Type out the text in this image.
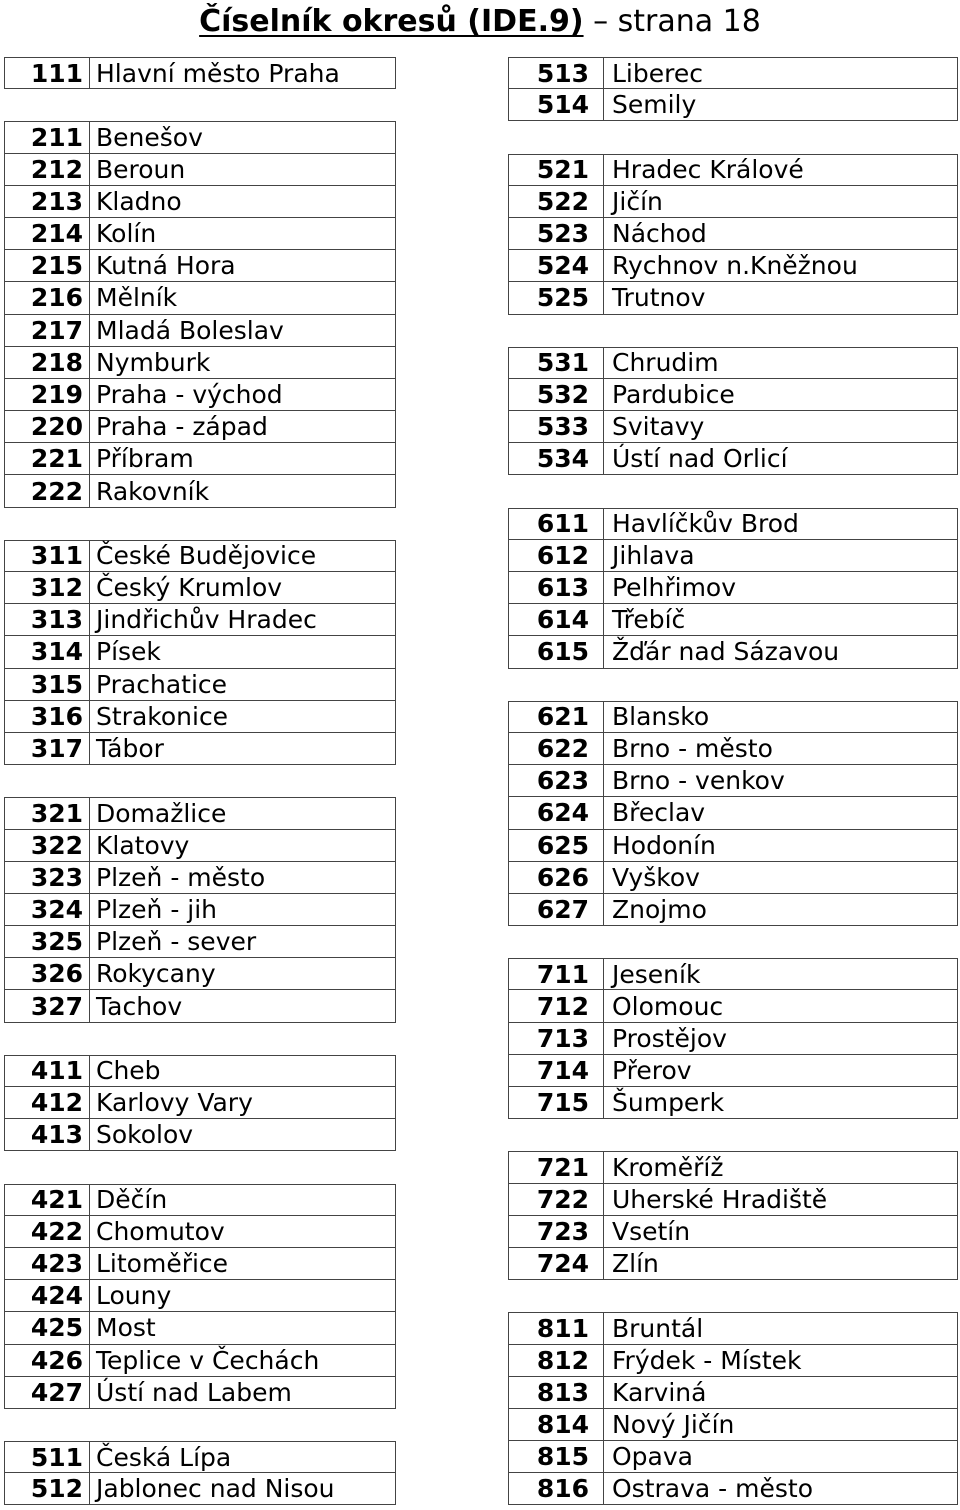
Číselník okresů (IDE.9) – strana 18
111 Hlavní město Praha
211 Benešov
212 Beroun
213 Kladno
214 Kolín
215 Kutná Hora
216 Mělník
217 Mladá Boleslav
218 Nymburk
219 Praha - východ
220 Praha - západ
221 Příbram
222 Rakovník
311 České Budějovice
312 Český Krumlov
313 Jindřichův Hradec
314 Písek
315 Prachatice
316 Strakonice
317 Tábor
321 Domažlice
322 Klatovy
323 Plzeň - město
324 Plzeň - jih
325 Plzeň - sever
326 Rokycany
327 Tachov
411 Cheb
412 Karlovy Vary
413 Sokolov
421 Děčín
422 Chomutov
423 Litoměřice
424 Louny
425 Most
426 Teplice v Čechách
427 Ústí nad Labem
511 Česká Lípa
512 Jablonec nad Nisou
513 Liberec
514 Semily
521 Hradec Králové
522 Jičín
523 Náchod
524 Rychnov n.Kněžnou
525 Trutnov
531 Chrudim
532 Pardubice
533 Svitavy
534 Ústí nad Orlicí
611 Havlíčkův Brod
612 Jihlava
613 Pelhřimov
614 Třebíč
615 Žďár nad Sázavou
621 Blansko
622 Brno - město
623 Brno - venkov
624 Břeclav
625 Hodonín
626 Vyškov
627 Znojmo
711 Jeseník
712 Olomouc
713 Prostějov
714 Přerov
715 Šumperk
721 Kroměříž
722 Uherské Hradiště
723 Vsetín
724 Zlín
811 Bruntál
812 Frýdek - Místek
813 Karviná
814 Nový Jičín
815 Opava
816 Ostrava - město
